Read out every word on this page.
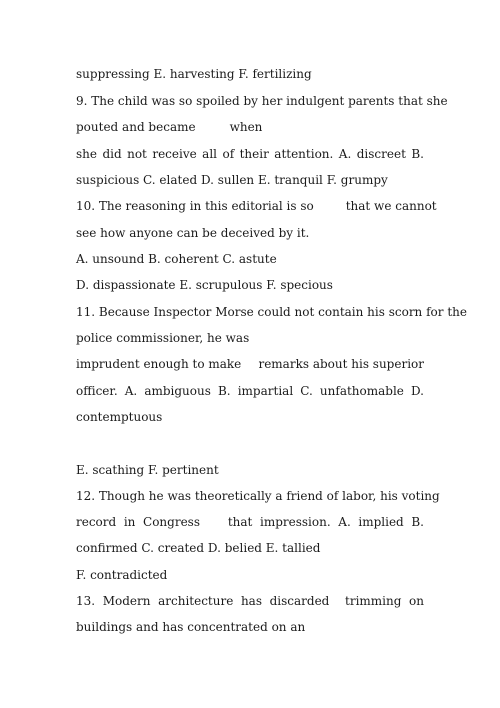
suppressing E. harvesting F. fertilizing
9. The child was so spoiled by her indulgent parents that she
pouted and became	when
she did not receive all of their attention. A. discreet B.
suspicious C. elated D. sullen E. tranquil F. grumpy
10. The reasoning in this editorial is so	that we cannot
see how anyone can be deceived by it.
A. unsound B. coherent C. astute
D. dispassionate E. scrupulous F. specious
11. Because Inspector Morse could not contain his scorn for the
police commissioner, he was
imprudent enough to make remarks about his superior
officer. A. ambiguous B. impartial C. unfathomable D.
contemptuous
E. scathing F. pertinent
12. Though he was theoretically a friend of labor, his voting
record  in  Congress that  impression.  A.  implied  B.
confirmed C. created D. belied E. tallied
F. contradicted
13.  Modern  architecture  has  discarded trimming  on
buildings and has concentrated on an
